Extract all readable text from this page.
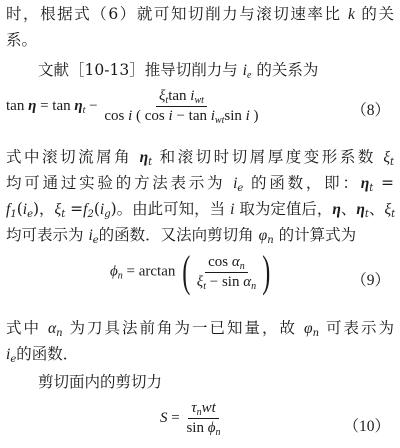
时，根据式（6）就可知切削力与滚切速率比 k 的关
系。
文献［10-13］推导切削力与 $i_e$ 的关系为
$\tan \eta = \tan \eta_t - \frac{\xi_t\tan i_{wt}}{\cos i ( \cos i - \tan i_{wt}\sin i )}$	（8）
式中滚切流屑角 $\eta_t$ 和滚切时切屑厚度变形系数 $\xi_t$
均可通过实验的方法表示为 $i_e$ 的函数，即：$\eta_t$ =
$f_1(i_e)$，$\xi_t =f_2(i_g)$。由此可知，当 i 取为定值后，η、$\eta_t$、$\xi_t$
均可表示为 $i_e$的函数．又法向剪切角 $\varphi_n$ 的计算式为
$\phi_n = \arctan$ ( $\frac{\cos \alpha_n}{\xi_t - \sin \alpha_n}$ )	（9）
式中 $\alpha_n$ 为刀具法前角为一已知量，故 $\varphi_n$ 可表示为
$i_e$的函数．
剪切面内的剪切力
$S = \frac{\tau_nwt}{\sin \phi_n}$	（10）
